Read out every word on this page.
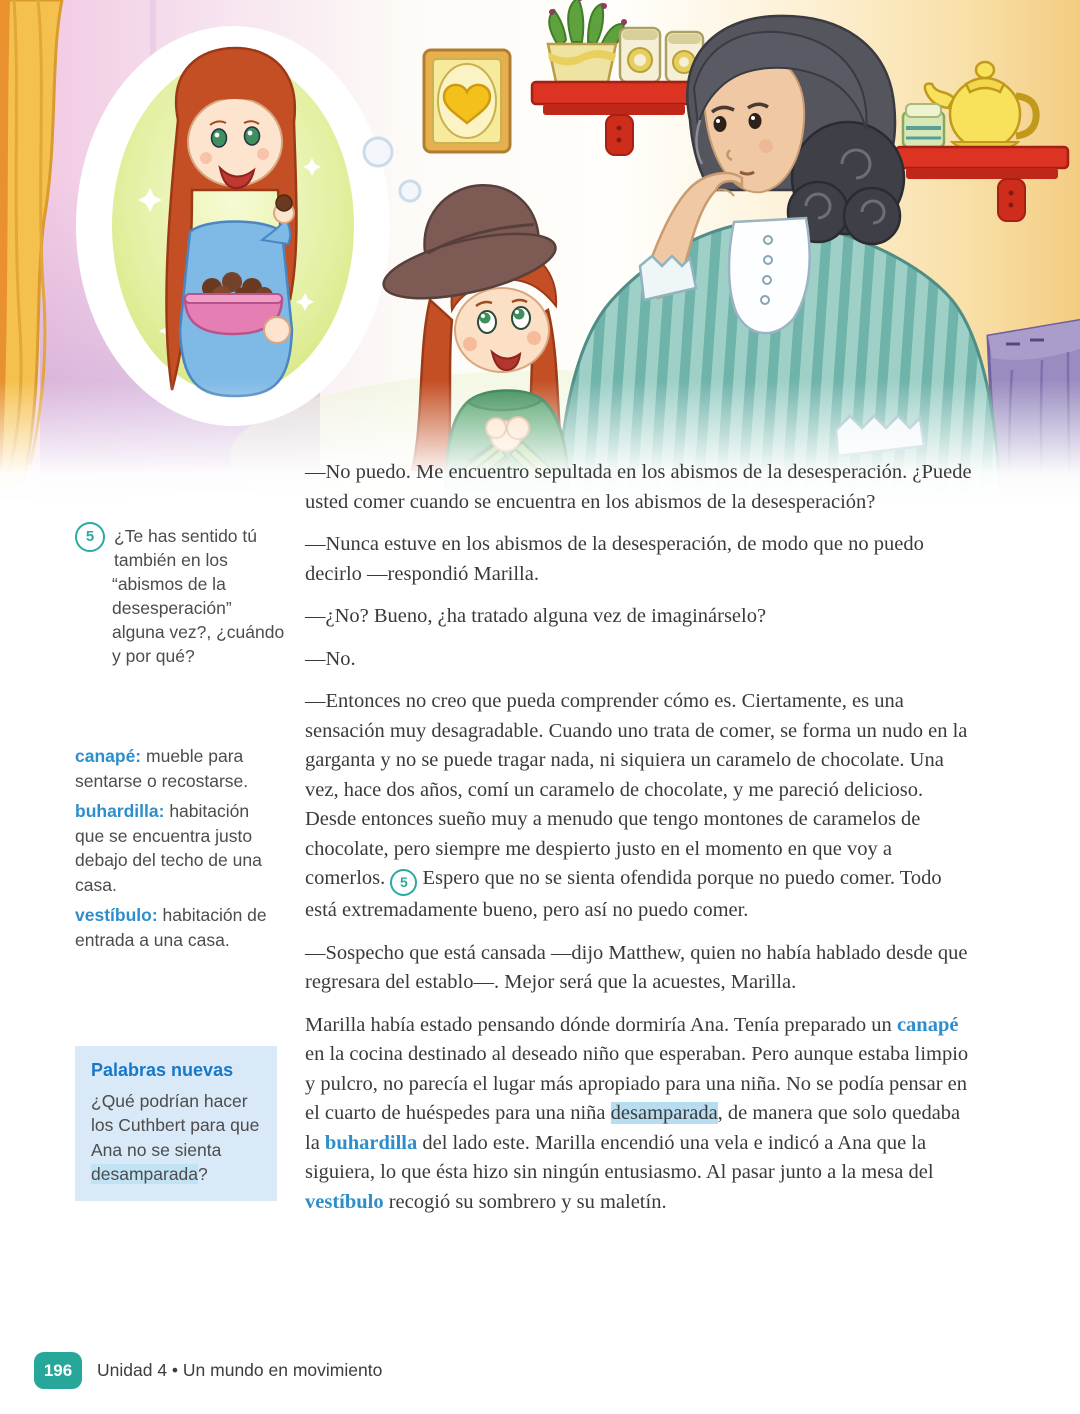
5	¿Te has sentido tú también en los “abismos de la desesperación” alguna vez?, ¿cuándo y por qué?

canapé: mueble para sentarse o recostarse.

buhardilla: habitación que se encuentra justo debajo del techo de una casa.

vestíbulo: habitación de entrada a una casa.

Palabras nuevas
¿Qué podrían hacer los Cuthbert para que Ana no se sienta desamparada?

—No puedo. Me encuentro sepultada en los abismos de la desesperación. ¿Puede usted comer cuando se encuentra en los abismos de la desesperación?

—Nunca estuve en los abismos de la desesperación, de modo que no puedo decirlo —respondió Marilla.

—¿No? Bueno, ¿ha tratado alguna vez de imaginárselo?

—No.

—Entonces no creo que pueda comprender cómo es. Ciertamente, es una sensación muy desagradable. Cuando uno trata de comer, se forma un nudo en la garganta y no se puede tragar nada, ni siquiera un caramelo de chocolate. Una vez, hace dos años, comí un caramelo de chocolate, y me pareció delicioso. Desde entonces sueño muy a menudo que tengo montones de caramelos de chocolate, pero siempre me despierto justo en el momento en que voy a comerlos. 5 Espero que no se sienta ofendida porque no puedo comer. Todo está extremadamente bueno, pero así no puedo comer.

—Sospecho que está cansada —dijo Matthew, quien no había hablado desde que regresara del establo—. Mejor será que la acuestes, Marilla.

Marilla había estado pensando dónde dormiría Ana. Tenía preparado un canapé en la cocina destinado al deseado niño que esperaban. Pero aunque estaba limpio y pulcro, no parecía el lugar más apropiado para una niña. No se podía pensar en el cuarto de huéspedes para una niña desamparada, de manera que solo quedaba la buhardilla del lado este. Marilla encendió una vela e indicó a Ana que la siguiera, lo que ésta hizo sin ningún entusiasmo. Al pasar junto a la mesa del vestíbulo recogió su sombrero y su maletín.

196	Unidad 4 • Un mundo en movimiento
